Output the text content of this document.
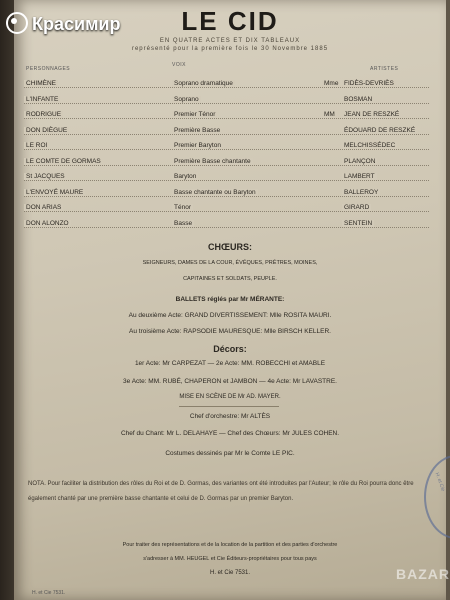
LE CID
EN QUATRE ACTES ET DIX TABLEAUX
représenté pour la première fois le 30 Novembre 1885
PERSONNAGES
VOIX
ARTISTES
CHIMÈNE	Soprano dramatique	Mme FIDÈS-DEVRIÈS
L'INFANTE	Soprano	BOSMAN
RODRIGUE	Premier Ténor	MM	JEAN DE RESZKÉ
DON DIÈGUE	Première Basse	ÉDOUARD DE RESZKÉ
LE ROI	Premier Baryton	MELCHISSÉDEC
LE COMTE DE GORMAS	Première Basse chantante	PLANÇON
St JACQUES	Baryton	LAMBERT
L'ENVOYÉ MAURE	Basse chantante ou Baryton	BALLEROY
DON ARIAS	Ténor	GIRARD
DON ALONZO	Basse	SENTEIN
CHŒURS:
SEIGNEURS, DAMES DE LA COUR, ÉVÊQUES, PRÊTRES, MOINES,
CAPITAINES ET SOLDATS, PEUPLE.
BALLETS réglés par Mr MÉRANTE:
Au deuxième Acte: GRAND DIVERTISSEMENT: Mlle ROSITA MAURI.
Au troisième Acte: RAPSODIE MAURESQUE: Mlle BIRSCH KELLER.
Décors:
1er Acte: Mr CARPEZAT — 2e Acte: MM. ROBECCHI et AMABLE
3e Acte: MM. RUBÉ, CHAPERON et JAMBON — 4e Acte: Mr LAVASTRE.
MISE EN SCÈNE DE Mr AD. MAYER.
Chef d'orchestre: Mr ALTÈS
Chef du Chant: Mr L. DELAHAYE — Chef des Chœurs: Mr JULES COHEN.
Costumes dessinés par Mr le Comte LE PIC.
NOTA. Pour faciliter la distribution des rôles du Roi et de D. Gormas, des variantes ont été introduites par l'Auteur; le rôle du Roi pourra donc être également chanté par une première basse chantante et celui de D. Gormas par un premier Baryton.
Pour traiter des représentations et de la location de la partition et des parties d'orchestre
s'adresser à MM. HEUGEL et Cie Éditeurs-propriétaires pour tous pays
H. et Cie 7531.
H. et Cie
Красимир
BAZAR
H. et Cie 7531.
